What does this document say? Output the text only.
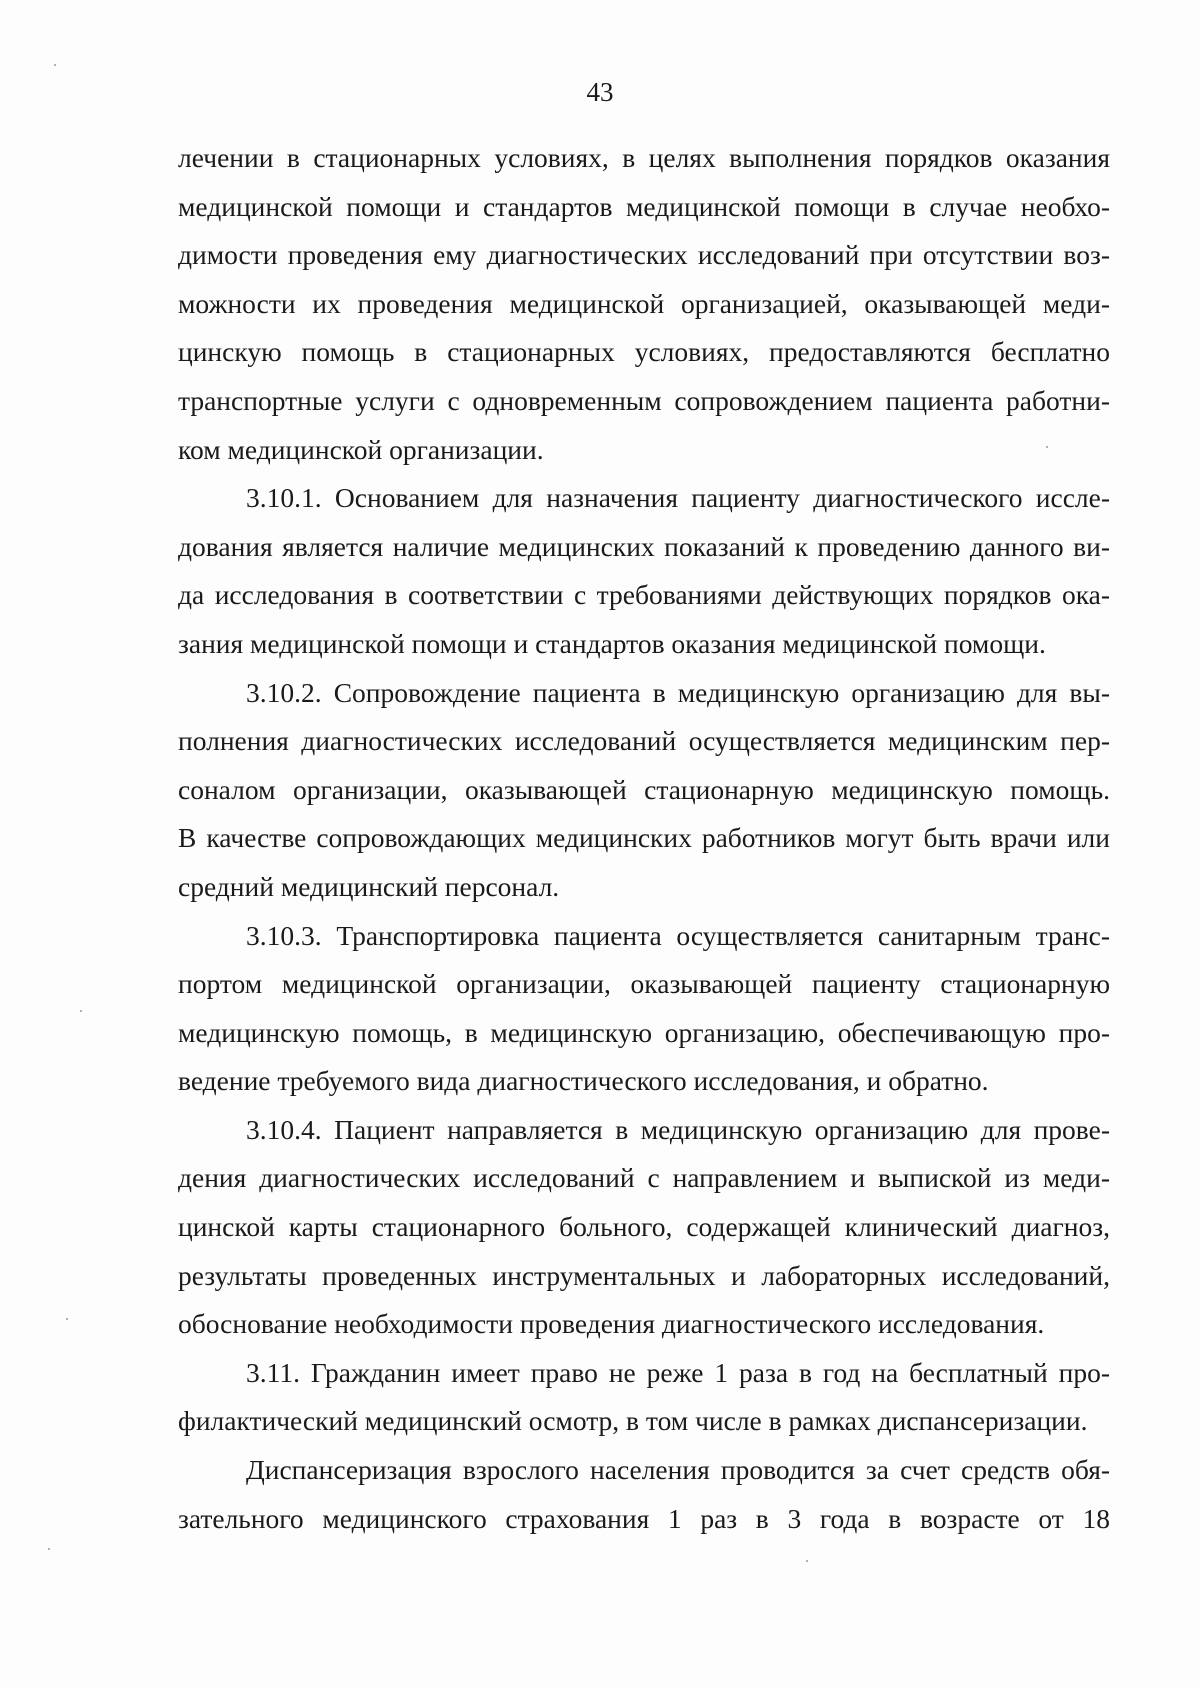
43

лечении в стационарных условиях, в целях выполнения порядков оказания
медицинской помощи и стандартов медицинской помощи в случае необхо-
димости проведения ему диагностических исследований при отсутствии воз-
можности их проведения медицинской организацией, оказывающей меди-
цинскую помощь в стационарных условиях, предоставляются бесплатно
транспортные услуги с одновременным сопровождением пациента работни-
ком медицинской организации.

3.10.1. Основанием для назначения пациенту диагностического иссле-
дования является наличие медицинских показаний к проведению данного ви-
да исследования в соответствии с требованиями действующих порядков ока-
зания медицинской помощи и стандартов оказания медицинской помощи.

3.10.2. Сопровождение пациента в медицинскую организацию для вы-
полнения диагностических исследований осуществляется медицинским пер-
соналом организации, оказывающей стационарную медицинскую помощь.
В качестве сопровождающих медицинских работников могут быть врачи или
средний медицинский персонал.

3.10.3. Транспортировка пациента осуществляется санитарным транс-
портом медицинской организации, оказывающей пациенту стационарную
медицинскую помощь, в медицинскую организацию, обеспечивающую про-
ведение требуемого вида диагностического исследования, и обратно.

3.10.4. Пациент направляется в медицинскую организацию для прове-
дения диагностических исследований с направлением и выпиской из меди-
цинской карты стационарного больного, содержащей клинический диагноз,
результаты проведенных инструментальных и лабораторных исследований,
обоснование необходимости проведения диагностического исследования.

3.11. Гражданин имеет право не реже 1 раза в год на бесплатный про-
филактический медицинский осмотр, в том числе в рамках диспансеризации.

Диспансеризация взрослого населения проводится за счет средств обя-
зательного медицинского страхования 1 раз в 3 года в возрасте от 18
